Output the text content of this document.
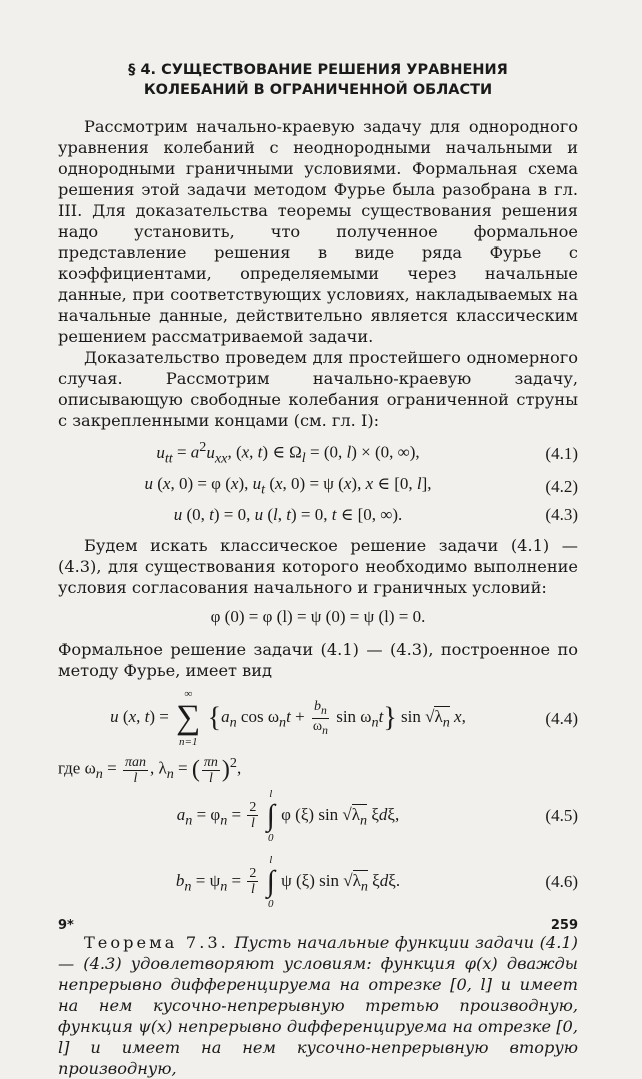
§ 4. СУЩЕСТВОВАНИЕ РЕШЕНИЯ УРАВНЕНИЯ
КОЛЕБАНИЙ В ОГРАНИЧЕННОЙ ОБЛАСТИ

Рассмотрим начально-краевую задачу для однородного уравнения колебаний с неоднородными начальными и однородными граничными условиями. Формальная схема решения этой задачи методом Фурье была разобрана в гл. III. Для доказательства теоремы существования решения надо установить, что полученное формальное представление решения в виде ряда Фурье с коэффициентами, определяемыми через начальные данные, при соответствующих условиях, накладываемых на начальные данные, действительно является классическим решением рассматриваемой задачи.

Доказательство проведем для простейшего одномерного случая. Рассмотрим начально-краевую задачу, описывающую свободные колебания ограниченной струны с закрепленными концами (см. гл. I):

$u_{tt} = a^2u_{xx}$, (x, t) ∈ $\Omega_l = (0$, l) × (0, ∞),	(4.1)
u (x, 0) = φ (x), $u_t$ (x, 0) = ψ (x), x ∈ [0, l],	(4.2)
u (0, t) = 0, u (l, t) = 0, t ∈ [0, ∞).	(4.3)

Будем искать классическое решение задачи (4.1) — (4.3), для существования которого необходимо выполнение условия согласования начального и граничных условий:

φ (0) = φ (l) = ψ (0) = ψ (l) = 0.

Формальное решение задачи (4.1) — (4.3), построенное по методу Фурье, имеет вид

u (x, t) =
∞
∑
n=1
{$a_n$ $\cos \omega_nt + \frac{b_n}{\omega_n}$ $\sin \omega_nt$} $\sin √\lambda_n$ x,	(4.4)
где $\omega_n = \frac{\text{πan}}{l}$ , $\lambda_n$ = ( $\frac{\pi n}{l} )^2$,
$a_n = \varphi_n = \frac{2}{l}$

l
∫
0
φ (ξ) $\sin √\lambda_n$ ξdξ,	(4.5)
$b_n = \psi_n = \frac{2}{l}$

l
∫
0
ψ (ξ) $\sin √\lambda_n$ ξdξ.	(4.6)

Теорема 7.3. Пусть начальные функции задачи (4.1) — (4.3) удовлетворяют условиям: функция φ(x) дважды непрерывно дифференцируема на отрезке [0, l] и имеет на нем кусочно-непрерывную третью производную, функция ψ(x) непрерывно дифференцируема на отрезке [0, l] и имеет на нем кусочно-непрерывную вторую производную,

9*	259
